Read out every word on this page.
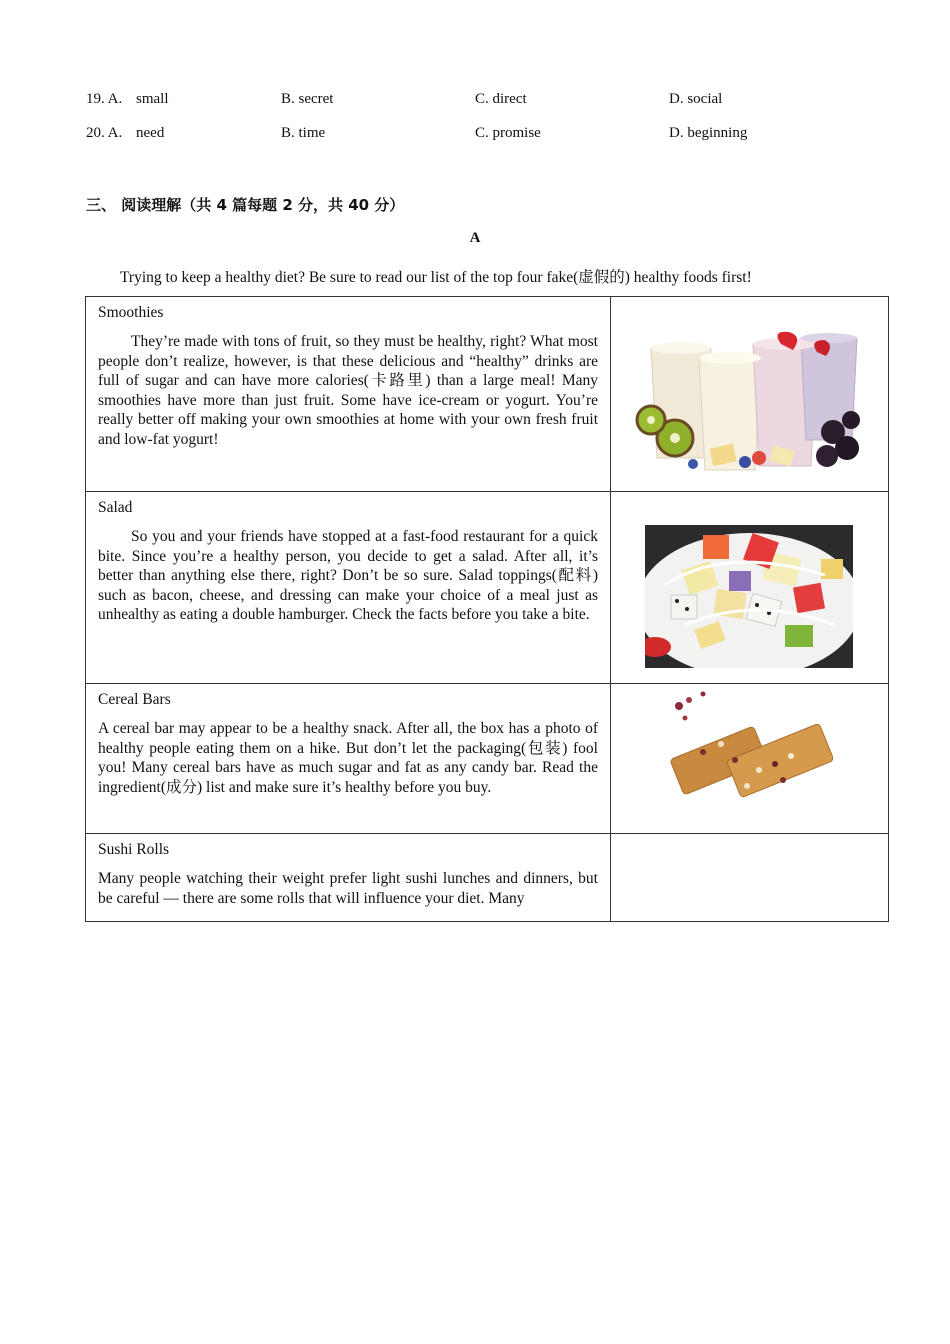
19. A. small	B. secret	C. direct	D. social
20. A. need	B. time	C. promise	D. beginning
三、 阅读理解（共 4 篇每题 2 分，共 40 分）
A
Trying to keep a healthy diet? Be sure to read our list of the top four fake(虚假的) healthy foods first!
Smoothies

They’re made with tons of fruit, so they must be healthy, right? What most people don’t realize, however, is that these delicious and “healthy” drinks are full of sugar and can have more calories(卡路里) than a large meal! Many smoothies have more than just fruit. Some have ice-cream or yogurt. You’re really better off making your own smoothies at home with your own fresh fruit and low-fat yogurt!

Salad

So you and your friends have stopped at a fast-food restaurant for a quick bite. Since you’re a healthy person, you decide to get a salad. After all, it’s better than anything else there, right? Don’t be so sure. Salad toppings(配料) such as bacon, cheese, and dressing can make your choice of a meal just as unhealthy as eating a double hamburger. Check the facts before you take a bite.

Cereal Bars

A cereal bar may appear to be a healthy snack. After all, the box has a photo of healthy people eating them on a hike. But don’t let the packaging(包装) fool you! Many cereal bars have as much sugar and fat as any candy bar. Read the ingredient(成分) list and make sure it’s healthy before you buy.

Sushi Rolls

Many people watching their weight prefer light sushi lunches and dinners, but be careful — there are some rolls that will influence your diet. Many	
